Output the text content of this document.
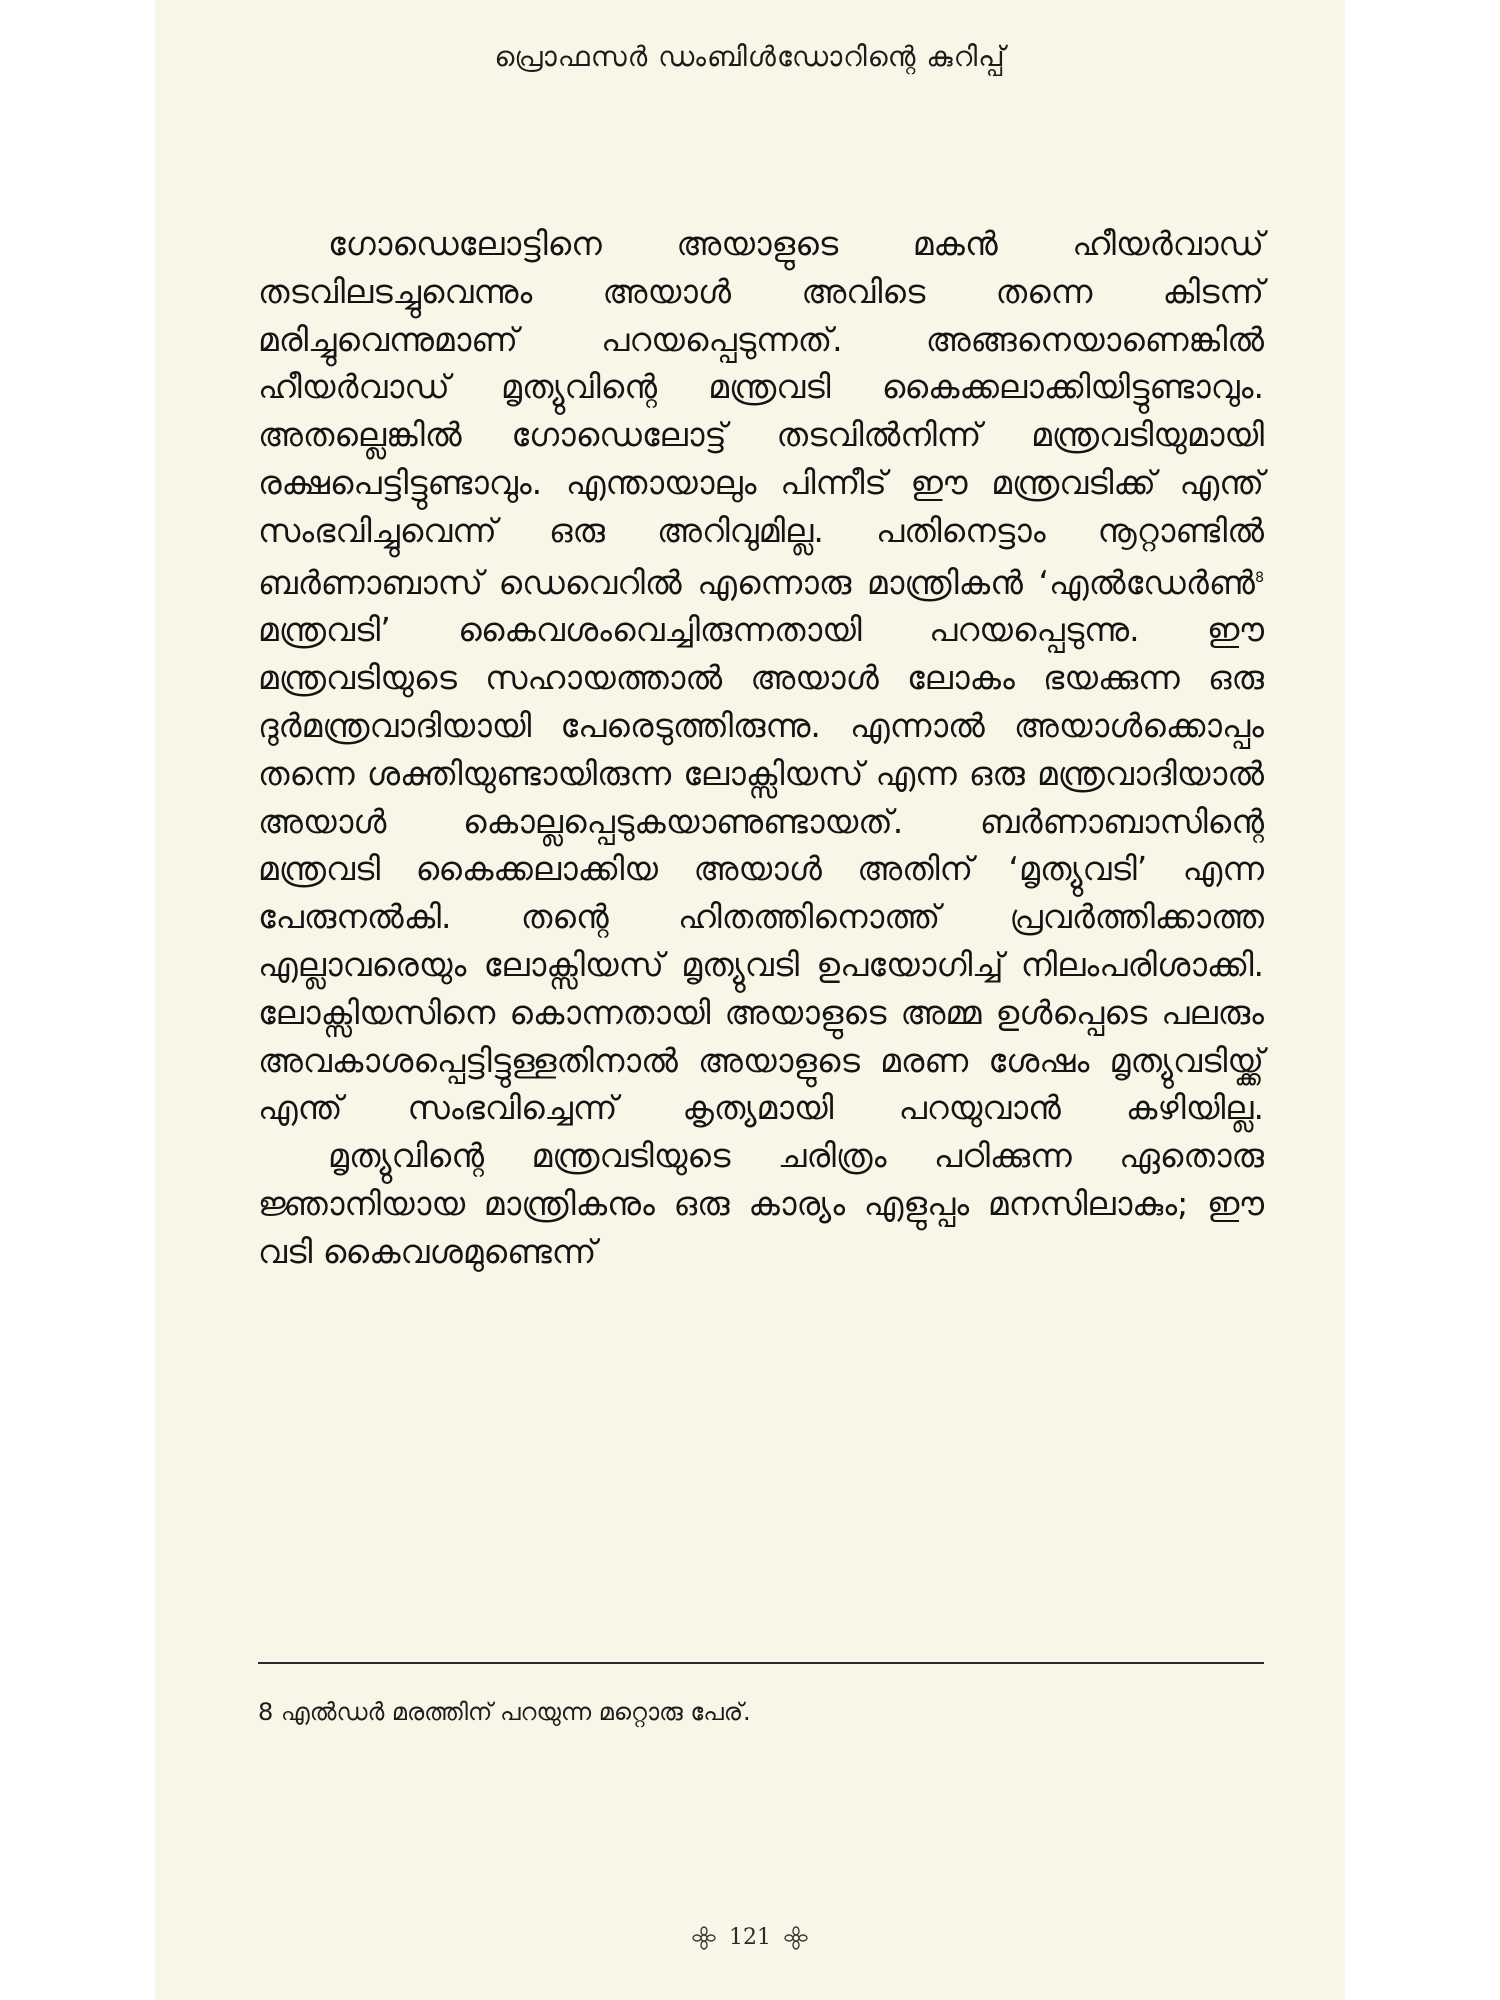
പ്രൊഫസർ ഡംബിൾഡോറിന്റെ കുറിപ്പ്

ഗോഡെലോട്ടിനെ അയാളുടെ മകൻ ഹീയർവാഡ് തടവിലടച്ചുവെന്നും അയാൾ അവിടെ തന്നെ കിടന്ന് മരിച്ചുവെന്നുമാണ് പറയപ്പെടുന്നത്. അങ്ങനെയാണെങ്കിൽ ഹീയർവാഡ് മൃത്യുവിന്റെ മന്ത്രവടി കൈക്കലാക്കിയിട്ടുണ്ടാവും. അതല്ലെങ്കിൽ ഗോഡെലോട്ട് തടവിൽനിന്ന് മന്ത്രവടിയുമായി രക്ഷപെട്ടിട്ടുണ്ടാവും. എന്തായാലും പിന്നീട് ഈ മന്ത്രവടിക്ക് എന്ത് സംഭവിച്ചുവെന്ന് ഒരു അറിവുമില്ല. പതിനെട്ടാം നൂറ്റാണ്ടിൽ ബർണാബാസ് ഡെവെറിൽ എന്നൊരു മാന്ത്രികൻ ‘എൽഡേർൺ$^8$ മന്ത്രവടി’ കൈവശംവെച്ചിരുന്നതായി പറയപ്പെടുന്നു. ഈ മന്ത്രവടിയുടെ സഹായത്താൽ അയാൾ ലോകം ഭയക്കുന്ന ഒരു ദുർമന്ത്രവാദിയായി പേരെടുത്തിരുന്നു. എന്നാൽ അയാൾക്കൊപ്പം തന്നെ ശക്തിയുണ്ടായിരുന്ന ലോക്സിയസ് എന്ന ഒരു മന്ത്രവാദിയാൽ അയാൾ കൊല്ലപ്പെടുകയാണുണ്ടായത്. ബർണാബാസിന്റെ മന്ത്രവടി കൈക്കലാക്കിയ അയാൾ അതിന് ‘മൃത്യുവടി’ എന്ന പേരുനൽകി. തന്റെ ഹിതത്തിനൊത്ത് പ്രവർത്തിക്കാത്ത എല്ലാവരെയും ലോക്സിയസ് മൃത്യുവടി ഉപയോഗിച്ച് നിലംപരിശാക്കി. ലോക്സിയസിനെ കൊന്നതായി അയാളുടെ അമ്മ ഉൾപ്പെടെ പലരും അവകാശപ്പെട്ടിട്ടുള്ളതിനാൽ അയാളുടെ മരണ ശേഷം മൃത്യുവടിയ്ക്ക് എന്ത് സംഭവിച്ചെന്ന് കൃത്യമായി പറയുവാൻ കഴിയില്ല.

മൃത്യുവിന്റെ മന്ത്രവടിയുടെ ചരിത്രം പഠിക്കുന്ന ഏതൊരു ജ്ഞാനിയായ മാന്ത്രികനും ഒരു കാര്യം എളുപ്പം മനസിലാകും; ഈ വടി കൈവശമുണ്ടെന്ന്

8 എൽഡർ മരത്തിന് പറയുന്ന മറ്റൊരു പേര്.
121
